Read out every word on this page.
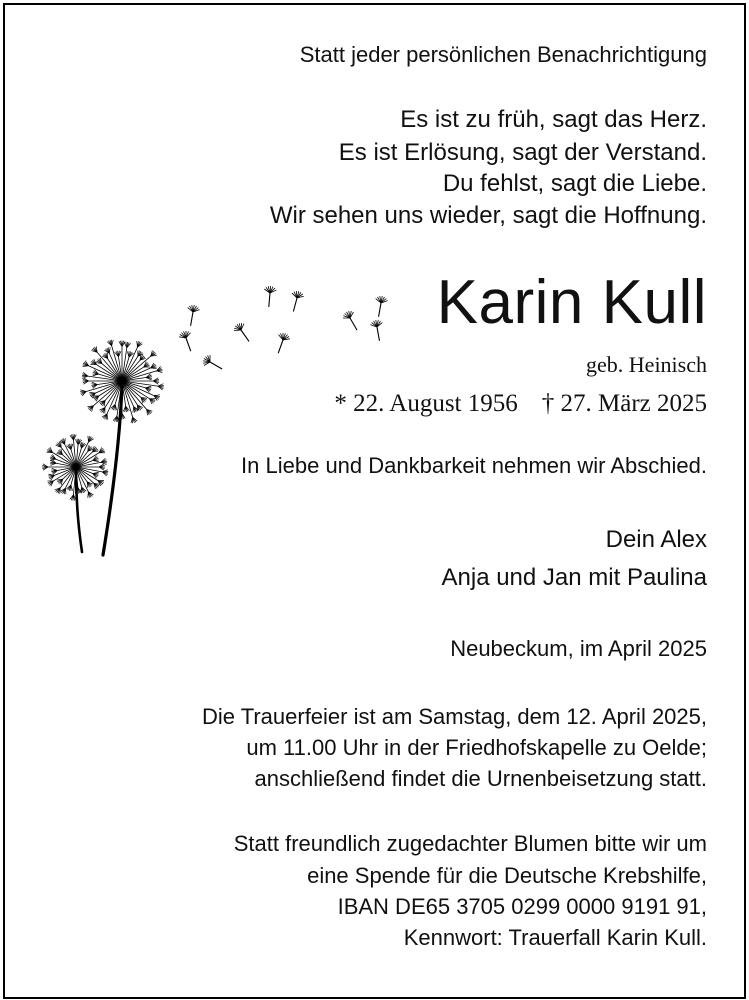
Statt jeder persönlichen Benachrichtigung
Es ist zu früh, sagt das Herz.
Es ist Erlösung, sagt der Verstand.
Du fehlst, sagt die Liebe.
Wir sehen uns wieder, sagt die Hoffnung.
Karin Kull
geb. Heinisch
* 22. August 1956 † 27. März 2025
In Liebe und Dankbarkeit nehmen wir Abschied.
Dein Alex
Anja und Jan mit Paulina
Neubeckum, im April 2025
Die Trauerfeier ist am Samstag, dem 12. April 2025,
um 11.00 Uhr in der Friedhofskapelle zu Oelde;
anschließend findet die Urnenbeisetzung statt.
Statt freundlich zugedachter Blumen bitte wir um
eine Spende für die Deutsche Krebshilfe,
IBAN DE65 3705 0299 0000 9191 91,
Kennwort: Trauerfall Karin Kull.
